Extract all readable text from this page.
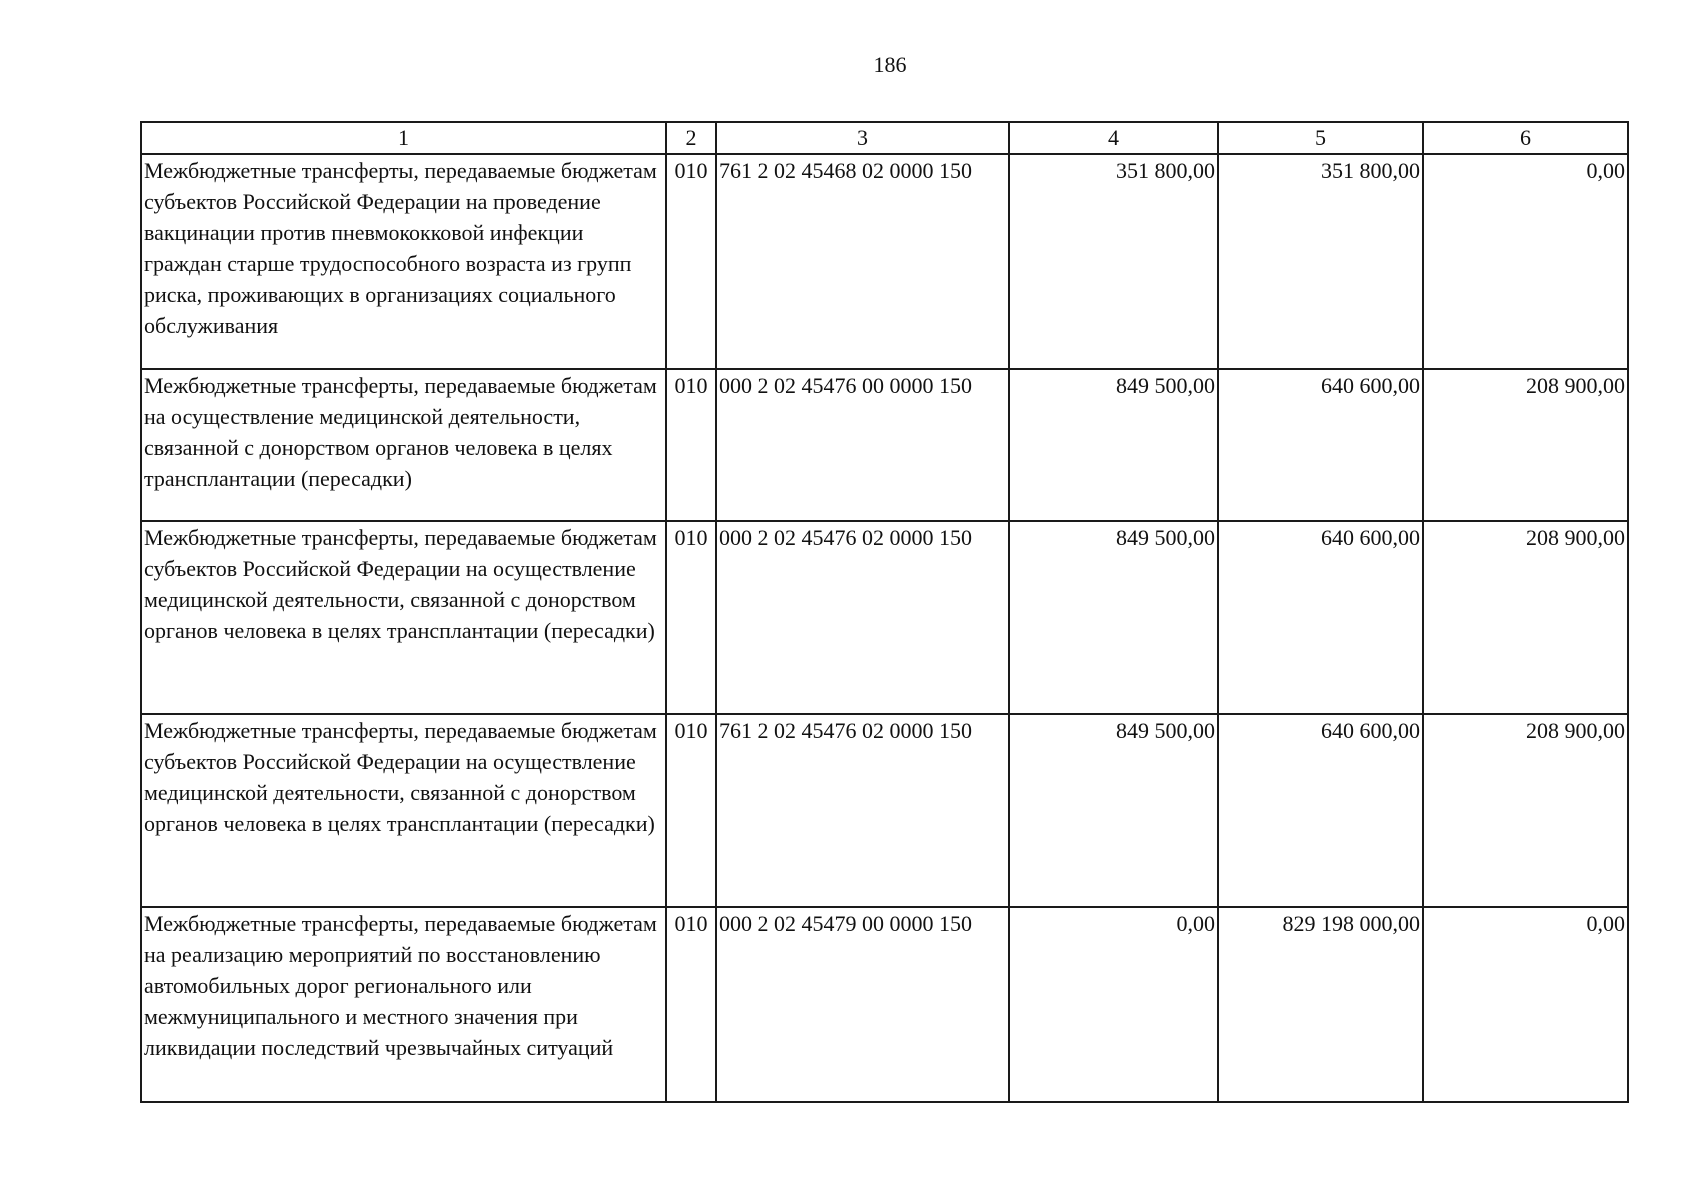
186
1	2	3	4	5	6
Межбюджетные трансферты, передаваемые бюджетам субъектов Российской Федерации на проведение вакцинации против пневмококковой инфекции граждан старше трудоспособного возраста из групп риска, проживающих в организациях социального обслуживания	010	761 2 02 45468 02 0000 150	351 800,00	351 800,00	0,00
Межбюджетные трансферты, передаваемые бюджетам на осуществление медицинской деятельности, связанной с донорством органов человека в целях трансплантации (пересадки)	010	000 2 02 45476 00 0000 150	849 500,00	640 600,00	208 900,00
Межбюджетные трансферты, передаваемые бюджетам субъектов Российской Федерации на осуществление медицинской деятельности, связанной с донорством органов человека в целях трансплантации (пересадки)	010	000 2 02 45476 02 0000 150	849 500,00	640 600,00	208 900,00
Межбюджетные трансферты, передаваемые бюджетам субъектов Российской Федерации на осуществление медицинской деятельности, связанной с донорством органов человека в целях трансплантации (пересадки)	010	761 2 02 45476 02 0000 150	849 500,00	640 600,00	208 900,00
Межбюджетные трансферты, передаваемые бюджетам на реализацию мероприятий по восстановлению автомобильных дорог регионального или межмуниципального и местного значения при ликвидации последствий чрезвычайных ситуаций	010	000 2 02 45479 00 0000 150	0,00	829 198 000,00	0,00
